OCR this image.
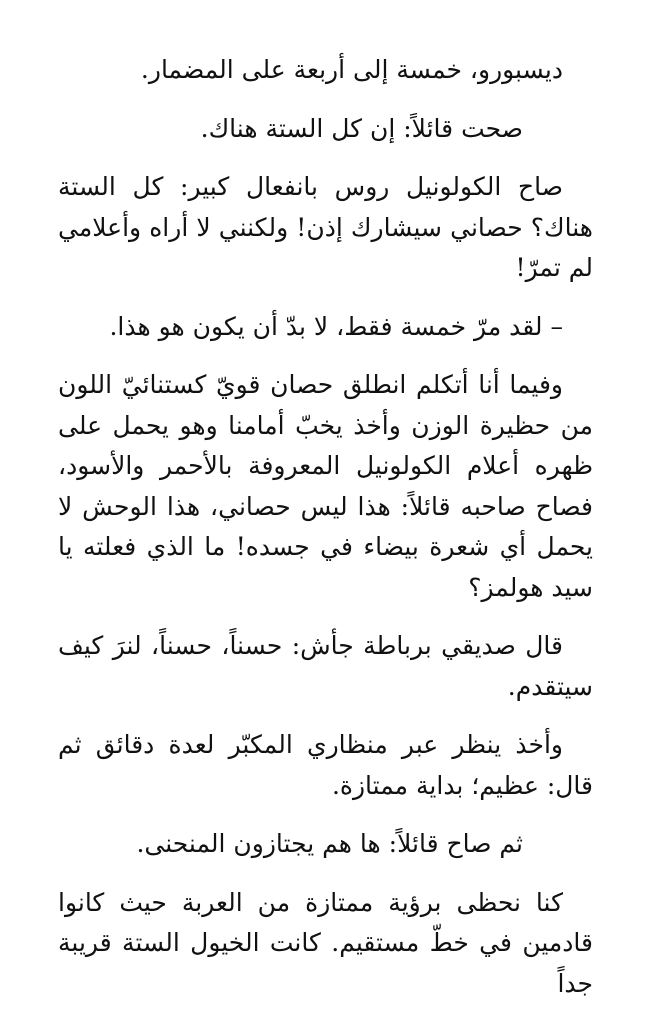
ديسبورو، خمسة إلى أربعة على المضمار.

صحت قائلاً: إن كل الستة هناك.

صاح الكولونيل روس بانفعال كبير: كل الستة هناك؟ حصاني سيشارك إذن! ولكنني لا أراه وأعلامي لم تمرّ!

– لقد مرّ خمسة فقط، لا بدّ أن يكون هو هذا.

وفيما أنا أتكلم انطلق حصان قويّ كستنائيّ اللون من حظيرة الوزن وأخذ يخبّ أمامنا وهو يحمل على ظهره أعلام الكولونيل المعروفة بالأحمر والأسود، فصاح صاحبه قائلاً: هذا ليس حصاني، هذا الوحش لا يحمل أي شعرة بيضاء في جسده! ما الذي فعلته يا سيد هولمز؟

قال صديقي برباطة جأش: حسناً، حسناً، لنرَ كيف سيتقدم.

وأخذ ينظر عبر منظاري المكبّر لعدة دقائق ثم قال: عظيم؛ بداية ممتازة.

ثم صاح قائلاً: ها هم يجتازون المنحنى.

كنا نحظى برؤية ممتازة من العربة حيث كانوا قادمين في خطّ مستقيم. كانت الخيول الستة قريبة جداً
